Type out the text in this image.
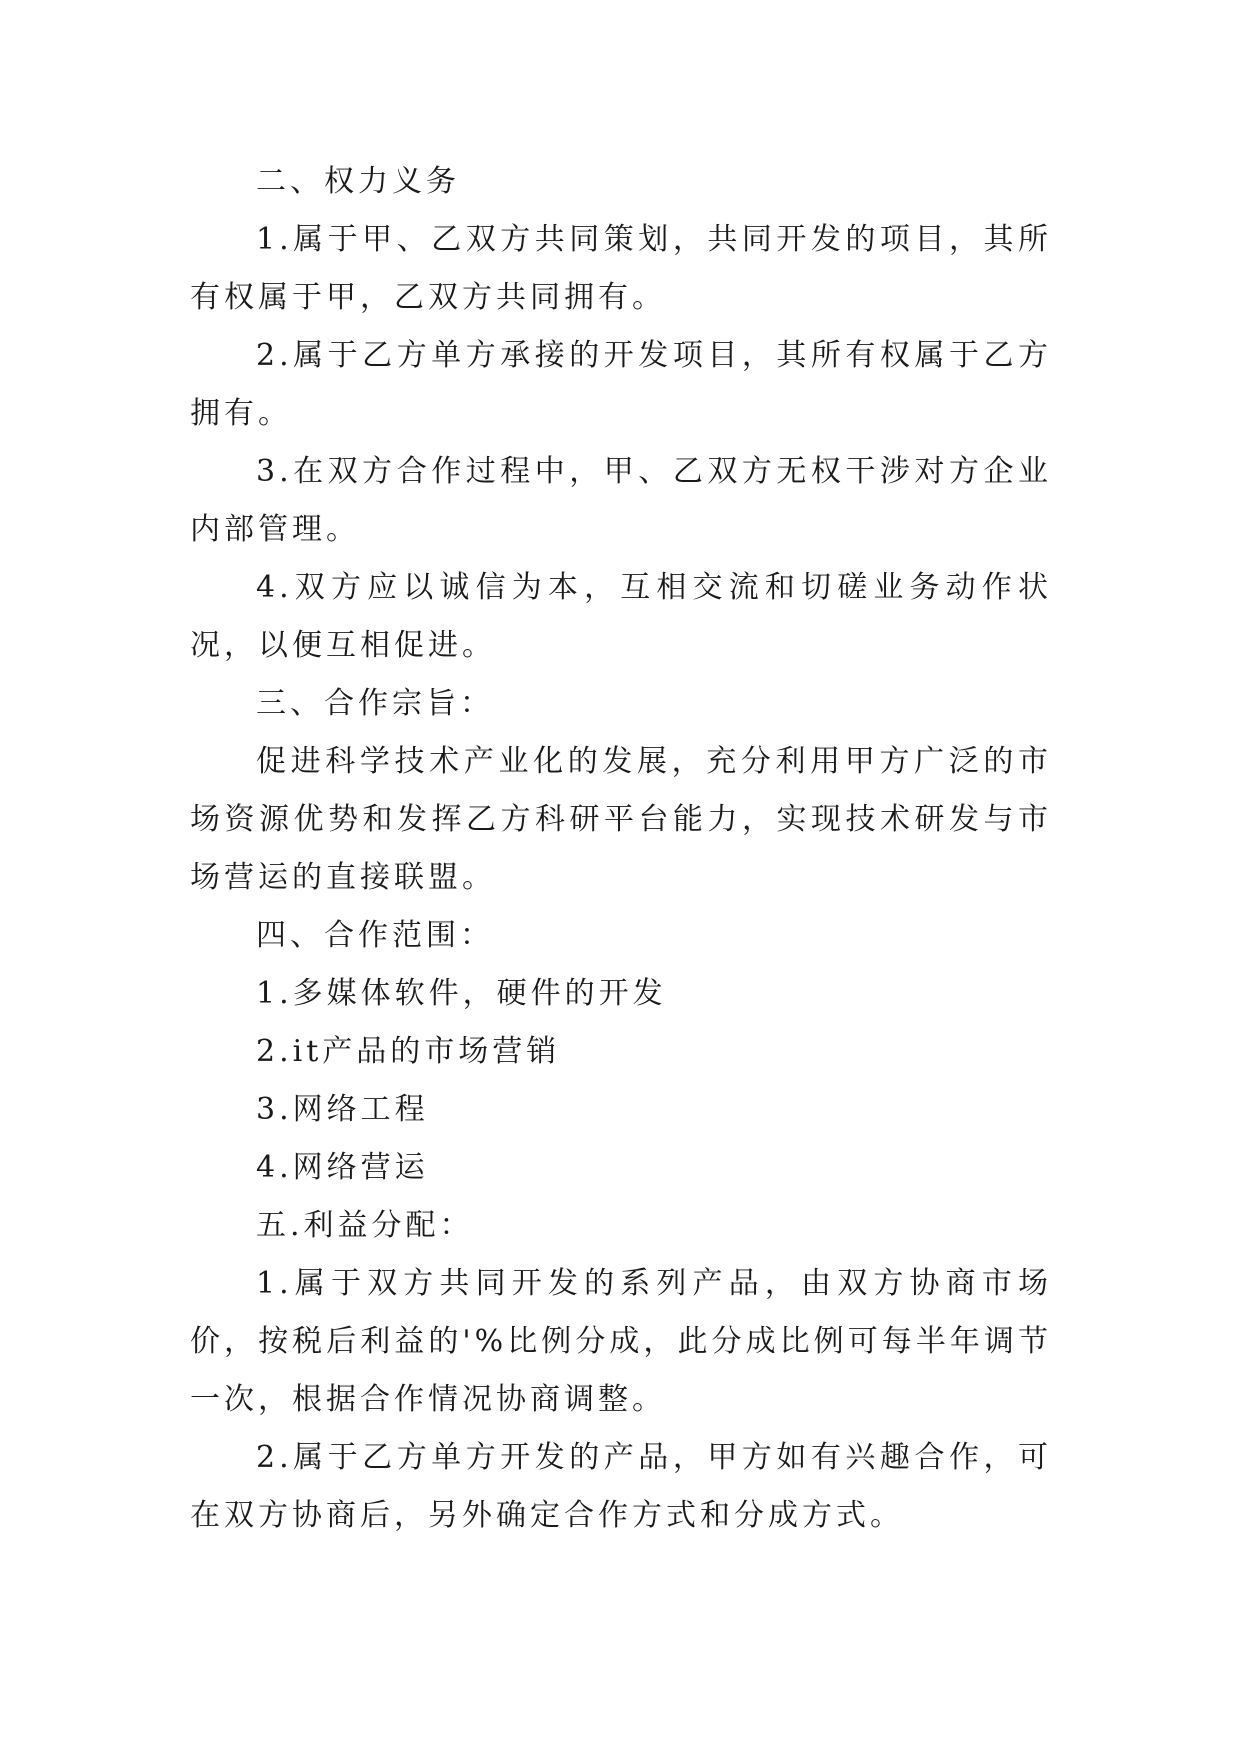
二、权力义务

1.属于甲、乙双方共同策划，共同开发的项目，其所有权属于甲，乙双方共同拥有。

2.属于乙方单方承接的开发项目，其所有权属于乙方拥有。

3.在双方合作过程中，甲、乙双方无权干涉对方企业内部管理。

4.双方应以诚信为本，互相交流和切磋业务动作状况，以便互相促进。

三、合作宗旨：

促进科学技术产业化的发展，充分利用甲方广泛的市场资源优势和发挥乙方科研平台能力，实现技术研发与市场营运的直接联盟。

四、合作范围：

1.多媒体软件，硬件的开发

2.it产品的市场营销

3.网络工程

4.网络营运

五.利益分配：

1.属于双方共同开发的系列产品，由双方协商市场价，按税后利益的'%比例分成，此分成比例可每半年调节一次，根据合作情况协商调整。

2.属于乙方单方开发的产品，甲方如有兴趣合作，可在双方协商后，另外确定合作方式和分成方式。
